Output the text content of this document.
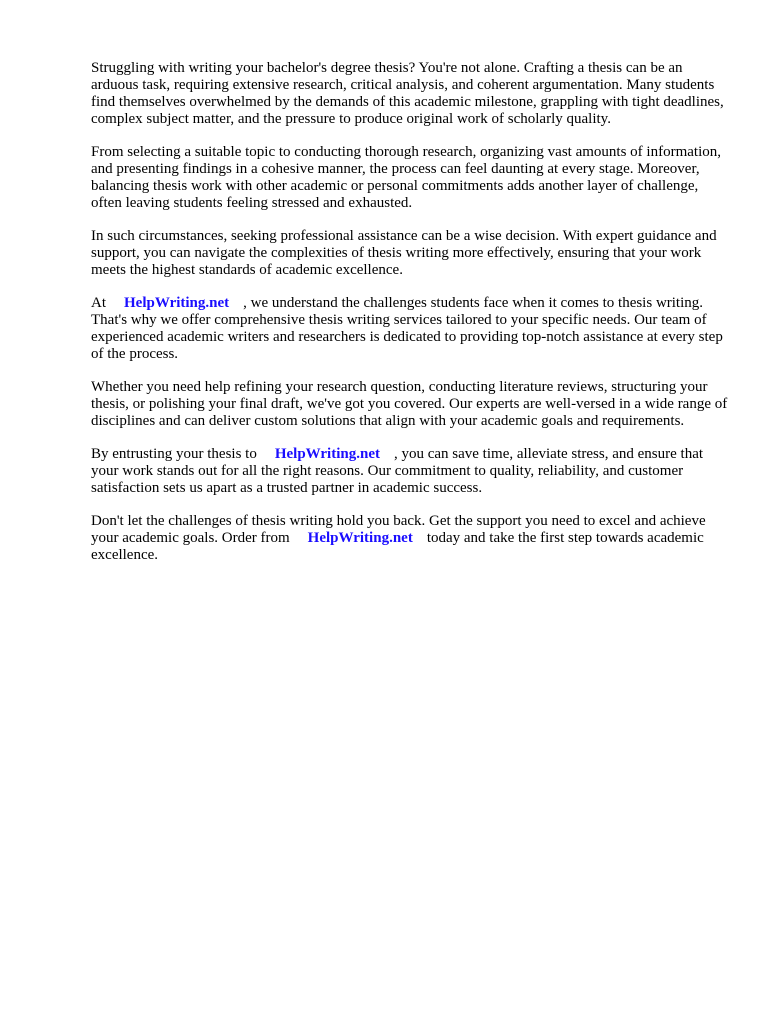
Struggling with writing your bachelor's degree thesis? You're not alone. Crafting a thesis can be an arduous task, requiring extensive research, critical analysis, and coherent argumentation. Many students find themselves overwhelmed by the demands of this academic milestone, grappling with tight deadlines, complex subject matter, and the pressure to produce original work of scholarly quality.

From selecting a suitable topic to conducting thorough research, organizing vast amounts of information, and presenting findings in a cohesive manner, the process can feel daunting at every stage. Moreover, balancing thesis work with other academic or personal commitments adds another layer of challenge, often leaving students feeling stressed and exhausted.

In such circumstances, seeking professional assistance can be a wise decision. With expert guidance and support, you can navigate the complexities of thesis writing more effectively, ensuring that your work meets the highest standards of academic excellence.

At HelpWriting.net , we understand the challenges students face when it comes to thesis writing. That's why we offer comprehensive thesis writing services tailored to your specific needs. Our team of experienced academic writers and researchers is dedicated to providing top-notch assistance at every step of the process.

Whether you need help refining your research question, conducting literature reviews, structuring your thesis, or polishing your final draft, we've got you covered. Our experts are well-versed in a wide range of disciplines and can deliver custom solutions that align with your academic goals and requirements.

By entrusting your thesis to HelpWriting.net , you can save time, alleviate stress, and ensure that your work stands out for all the right reasons. Our commitment to quality, reliability, and customer satisfaction sets us apart as a trusted partner in academic success.

Don't let the challenges of thesis writing hold you back. Get the support you need to excel and achieve your academic goals. Order from HelpWriting.net today and take the first step towards academic excellence.
